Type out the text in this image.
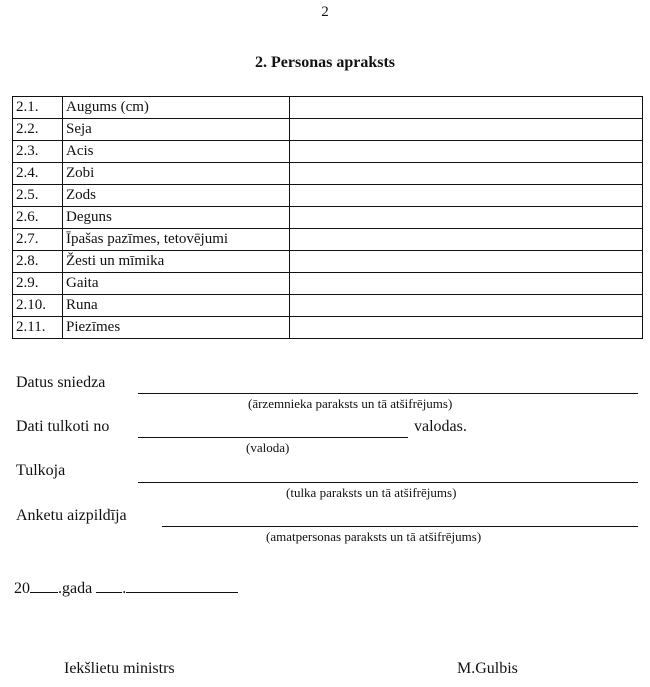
2
2. Personas apraksts
2.1.	Augums (cm)	
2.2.	Seja	
2.3.	Acis	
2.4.	Zobi	
2.5.	Zods	
2.6.	Deguns	
2.7.	Īpašas pazīmes, tetovējumi	
2.8.	Žesti un mīmika	
2.9.	Gaita	
2.10.	Runa	
2.11.	Piezīmes	
Datus sniedza
(ārzemnieka paraksts un tā atšifrējums)
Dati tulkoti no	valodas.
(valoda)
Tulkoja
(tulka paraksts un tā atšifrējums)
Anketu aizpildīja
(amatpersonas paraksts un tā atšifrējums)
20 .gada .
Iekšlietu ministrs	M.Gulbis
